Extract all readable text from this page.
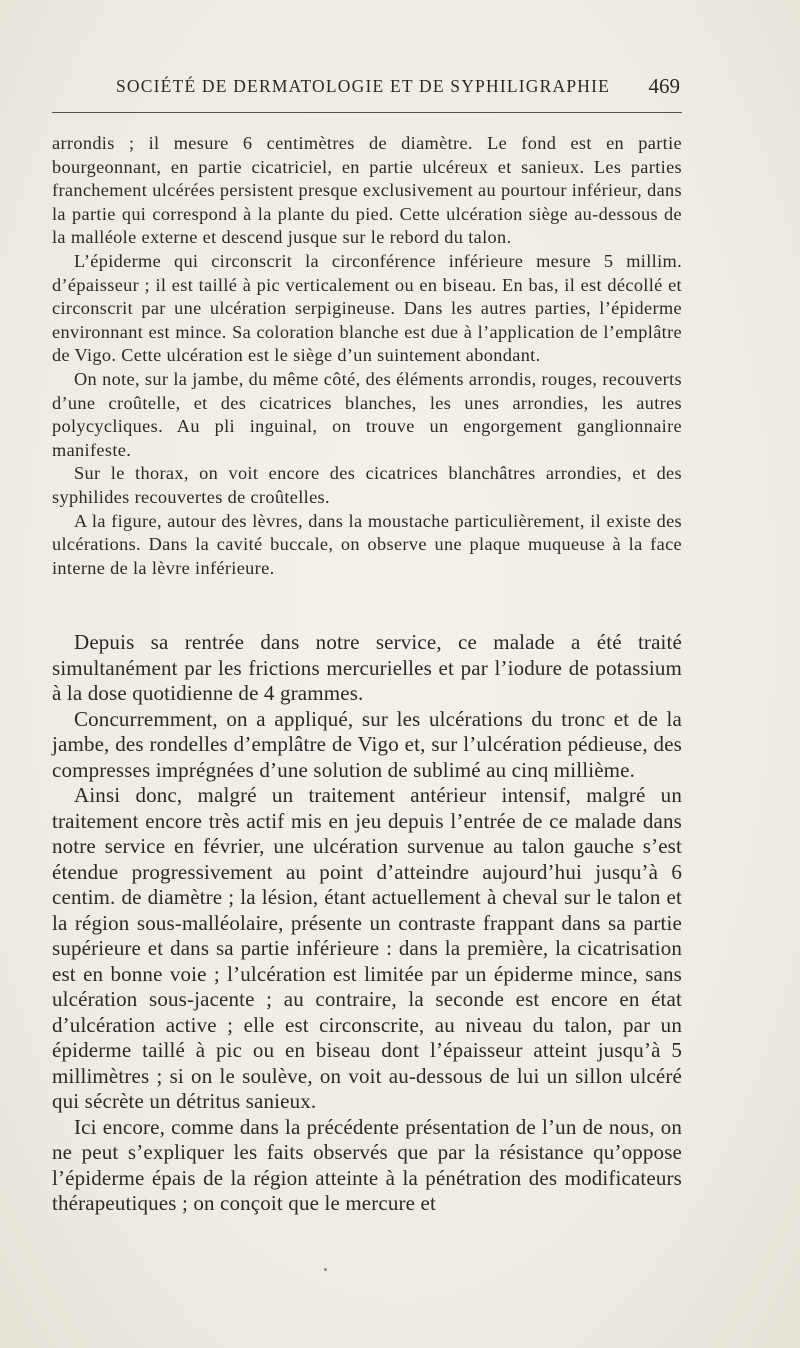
SOCIÉTÉ DE DERMATOLOGIE ET DE SYPHILIGRAPHIE 469

arrondis ; il mesure 6 centimètres de diamètre. Le fond est en partie bourgeonnant, en partie cicatriciel, en partie ulcéreux et sanieux. Les parties franchement ulcérées persistent presque exclusivement au pourtour inférieur, dans la partie qui correspond à la plante du pied. Cette ulcération siège au-dessous de la malléole externe et descend jusque sur le rebord du talon.

L’épiderme qui circonscrit la circonférence inférieure mesure 5 millim. d’épaisseur ; il est taillé à pic verticalement ou en biseau. En bas, il est décollé et circonscrit par une ulcération serpigineuse. Dans les autres parties, l’épiderme environnant est mince. Sa coloration blanche est due à l’application de l’emplâtre de Vigo. Cette ulcération est le siège d’un suintement abondant.

On note, sur la jambe, du même côté, des éléments arrondis, rouges, recouverts d’une croûtelle, et des cicatrices blanches, les unes arrondies, les autres polycycliques. Au pli inguinal, on trouve un engorgement ganglionnaire manifeste.

Sur le thorax, on voit encore des cicatrices blanchâtres arrondies, et des syphilides recouvertes de croûtelles.

A la figure, autour des lèvres, dans la moustache particulièrement, il existe des ulcérations. Dans la cavité buccale, on observe une plaque muqueuse à la face interne de la lèvre inférieure.

Depuis sa rentrée dans notre service, ce malade a été traité simultanément par les frictions mercurielles et par l’iodure de potassium à la dose quotidienne de 4 grammes.

Concurremment, on a appliqué, sur les ulcérations du tronc et de la jambe, des rondelles d’emplâtre de Vigo et, sur l’ulcération pédieuse, des compresses imprégnées d’une solution de sublimé au cinq millième.

Ainsi donc, malgré un traitement antérieur intensif, malgré un traitement encore très actif mis en jeu depuis l’entrée de ce malade dans notre service en février, une ulcération survenue au talon gauche s’est étendue progressivement au point d’atteindre aujourd’hui jusqu’à 6 centim. de diamètre ; la lésion, étant actuellement à cheval sur le talon et la région sous-malléolaire, présente un contraste frappant dans sa partie supérieure et dans sa partie inférieure : dans la première, la cicatrisation est en bonne voie ; l’ulcération est limitée par un épiderme mince, sans ulcération sous-jacente ; au contraire, la seconde est encore en état d’ulcération active ; elle est circonscrite, au niveau du talon, par un épiderme taillé à pic ou en biseau dont l’épaisseur atteint jusqu’à 5 millimètres ; si on le soulève, on voit au-dessous de lui un sillon ulcéré qui sécrète un détritus sanieux.

Ici encore, comme dans la précédente présentation de l’un de nous, on ne peut s’expliquer les faits observés que par la résistance qu’oppose l’épiderme épais de la région atteinte à la pénétration des modificateurs thérapeutiques ; on conçoit que le mercure et
